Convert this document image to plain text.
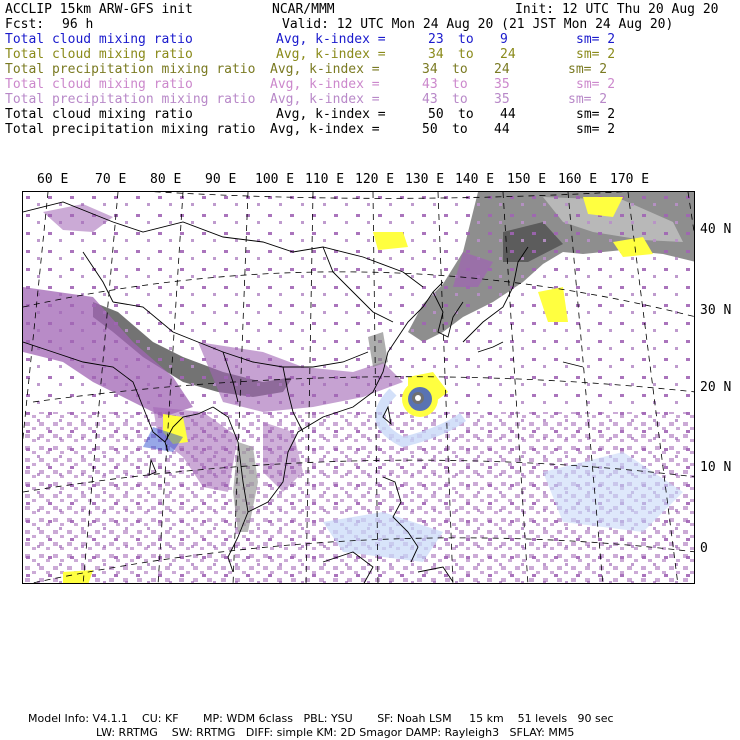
ACCLIP 15km ARW-GFS init	NCAR/MMM	Init: 12 UTC Thu 20 Aug 20
Fcst: 96 h	Valid: 12 UTC Mon 24 Aug 20 (21 JST Mon 24 Aug 20)
Total cloud mixing ratio	Avg, k-index =	23 to 9	sm= 2
Total cloud mixing ratio	Avg, k-index =	34 to 24	sm= 2
Total precipitation mixing ratio Avg, k-index =	34 to 24	sm= 2
Total cloud mixing ratio	Avg, k-index =	43 to 35	sm= 2
Total precipitation mixing ratio Avg, k-index =	43 to 35	sm= 2
Total cloud mixing ratio	Avg, k-index =	50 to 44	sm= 2
Total precipitation mixing ratio Avg, k-index =	50 to 44	sm= 2
60 E 70 E 80 E 90 E 100 E 110 E 120 E 130 E 140 E 150 E 160 E 170 E
40 N
30 N
20 N
10 N
0
Model Info: V4.1.1    CU: KF       MP: WDM 6class   PBL: YSU       SF: Noah LSM     15 km    51 levels   90 sec
LW: RRTMG    SW: RRTMG   DIFF: simple KM: 2D Smagor DAMP: Rayleigh3   SFLAY: MM5
